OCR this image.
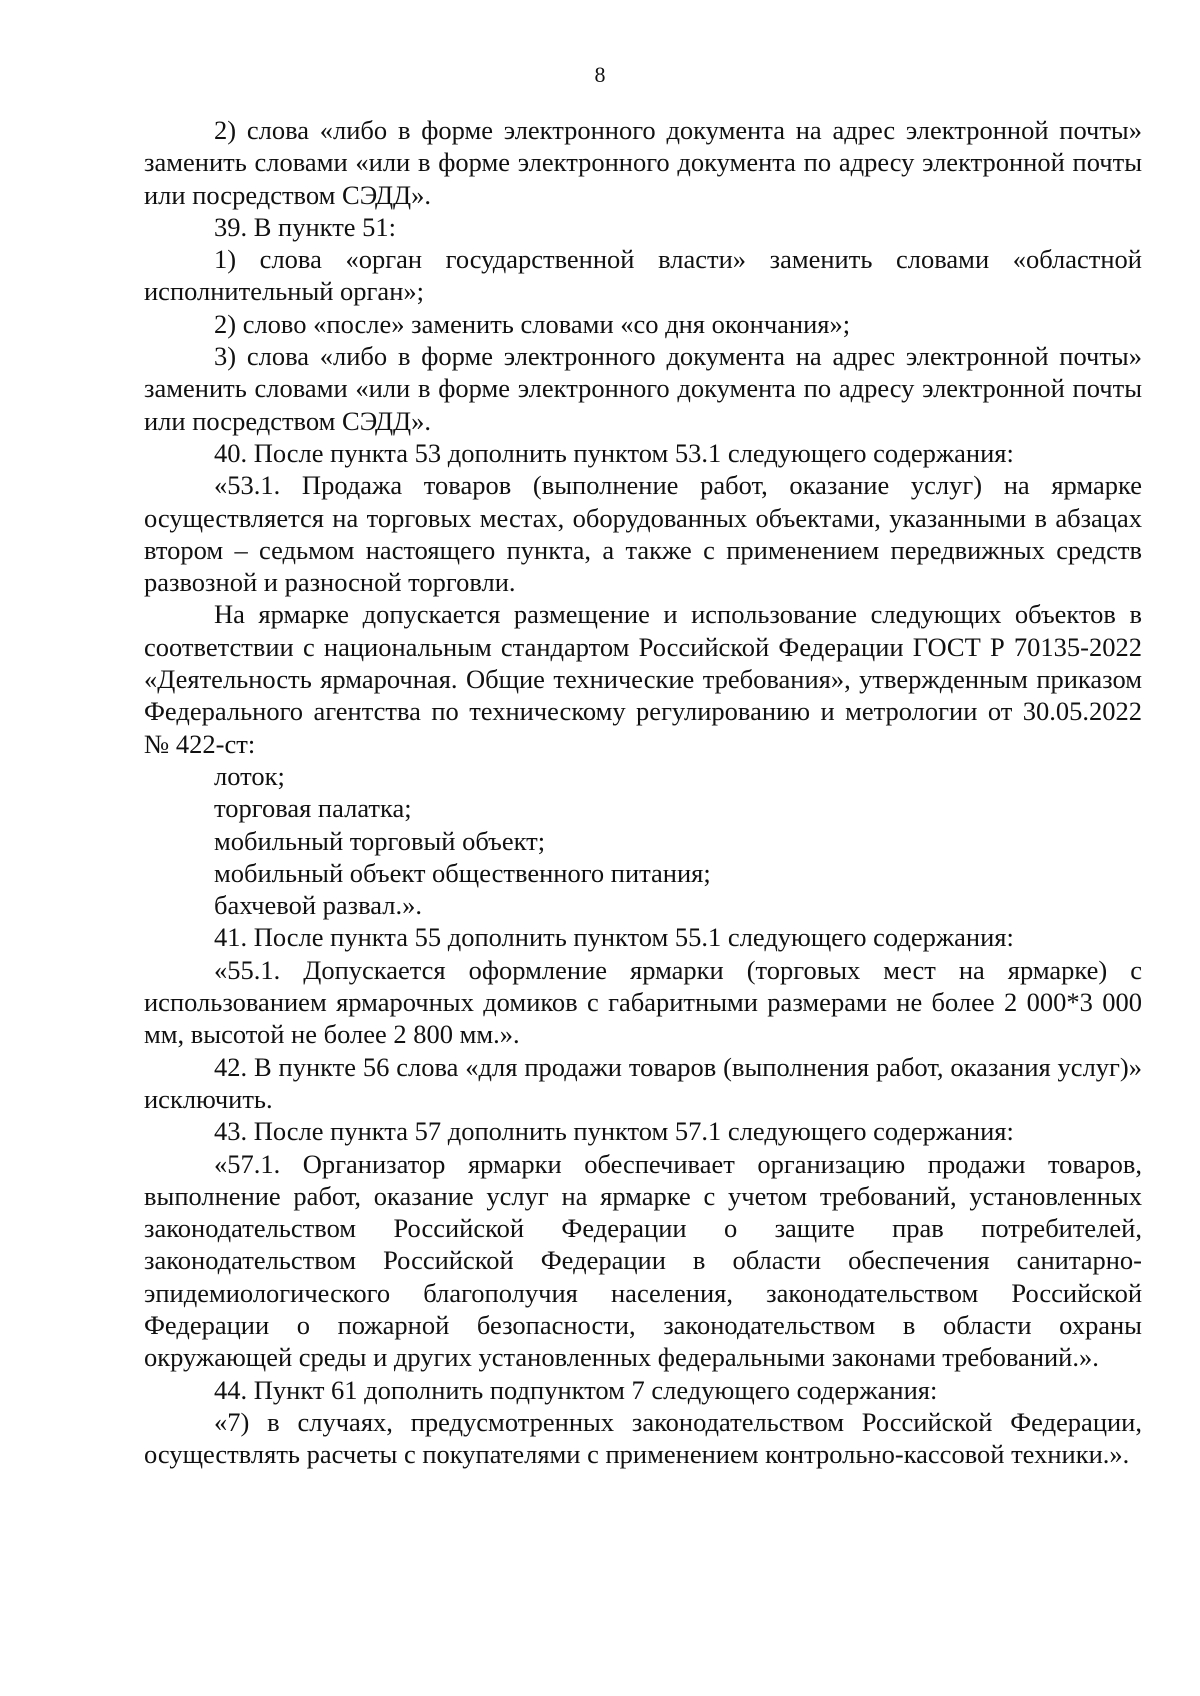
8

2) слова «либо в форме электронного документа на адрес электронной почты» заменить словами «или в форме электронного документа по адресу электронной почты или посредством СЭДД».

39. В пункте 51:

1) слова «орган государственной власти» заменить словами «областной исполнительный орган»;

2) слово «после» заменить словами «со дня окончания»;

3) слова «либо в форме электронного документа на адрес электронной почты» заменить словами «или в форме электронного документа по адресу электронной почты или посредством СЭДД».

40. После пункта 53 дополнить пунктом 53.1 следующего содержания:

«53.1. Продажа товаров (выполнение работ, оказание услуг) на ярмарке осуществляется на торговых местах, оборудованных объектами, указанными в абзацах втором – седьмом настоящего пункта, а также с применением передвижных средств развозной и разносной торговли.

На ярмарке допускается размещение и использование следующих объектов в соответствии с национальным стандартом Российской Федерации ГОСТ Р 70135-2022 «Деятельность ярмарочная. Общие технические требования», утвержденным приказом Федерального агентства по техническому регулированию и метрологии от 30.05.2022 № 422-ст:

лоток;

торговая палатка;

мобильный торговый объект;

мобильный объект общественного питания;

бахчевой развал.».

41. После пункта 55 дополнить пунктом 55.1 следующего содержания:

«55.1. Допускается оформление ярмарки (торговых мест на ярмарке) с использованием ярмарочных домиков с габаритными размерами не более 2 000*3 000 мм, высотой не более 2 800 мм.».

42. В пункте 56 слова «для продажи товаров (выполнения работ, оказания услуг)» исключить.

43. После пункта 57 дополнить пунктом 57.1 следующего содержания:

«57.1. Организатор ярмарки обеспечивает организацию продажи товаров, выполнение работ, оказание услуг на ярмарке с учетом требований, установленных законодательством Российской Федерации о защите прав потребителей, законодательством Российской Федерации в области обеспечения санитарно-эпидемиологического благополучия населения, законодательством Российской Федерации о пожарной безопасности, законодательством в области охраны окружающей среды и других установленных федеральными законами требований.».

44. Пункт 61 дополнить подпунктом 7 следующего содержания:

«7) в случаях, предусмотренных законодательством Российской Федерации, осуществлять расчеты с покупателями с применением контрольно-кассовой техники.».
